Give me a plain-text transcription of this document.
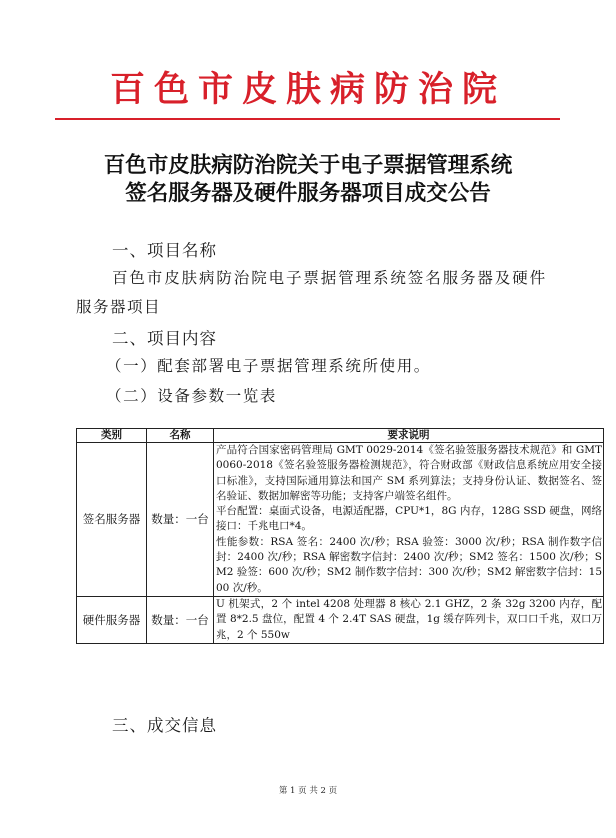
百色市皮肤病防治院
百色市皮肤病防治院关于电子票据管理系统
签名服务器及硬件服务器项目成交公告
一、项目名称
百色市皮肤病防治院电子票据管理系统签名服务器及硬件
服务器项目
二、项目内容
（一）配套部署电子票据管理系统所使用。
（二）设备参数一览表
类别	名称	要求说明
签名服务器	数量：一台	产品符合国家密码管理局 GMT 0029-2014《签名验签服务器技术规范》和 GMT 0060-2018《签名验签服务器检测规范》，符合财政部《财政信息系统应用安全接口标准》，支持国际通用算法和国产 SM 系列算法；支持身份认证、数据签名、签名验证、数据加解密等功能；支持客户端签名组件。
平台配置：桌面式设备，电源适配器，CPU*1，8G 内存，128G SSD 硬盘，网络接口：千兆电口*4。
性能参数：RSA 签名：2400 次/秒；RSA 验签：3000 次/秒；RSA 制作数字信封：2400 次/秒；RSA 解密数字信封：2400 次/秒；SM2 签名：1500 次/秒；SM2 验签：600 次/秒；SM2 制作数字信封：300 次/秒；SM2 解密数字信封：1500 次/秒。

硬件服务器	数量：一台	U 机架式，2 个 intel 4208 处理器 8 核心 2.1 GHZ，2 条 32g 3200 内存，配置 8*2.5 盘位，配置 4 个 2.4T SAS 硬盘，1g 缓存阵列卡，双口口千兆，双口万兆，2 个 550w
三、成交信息
第 1 页 共 2 页
